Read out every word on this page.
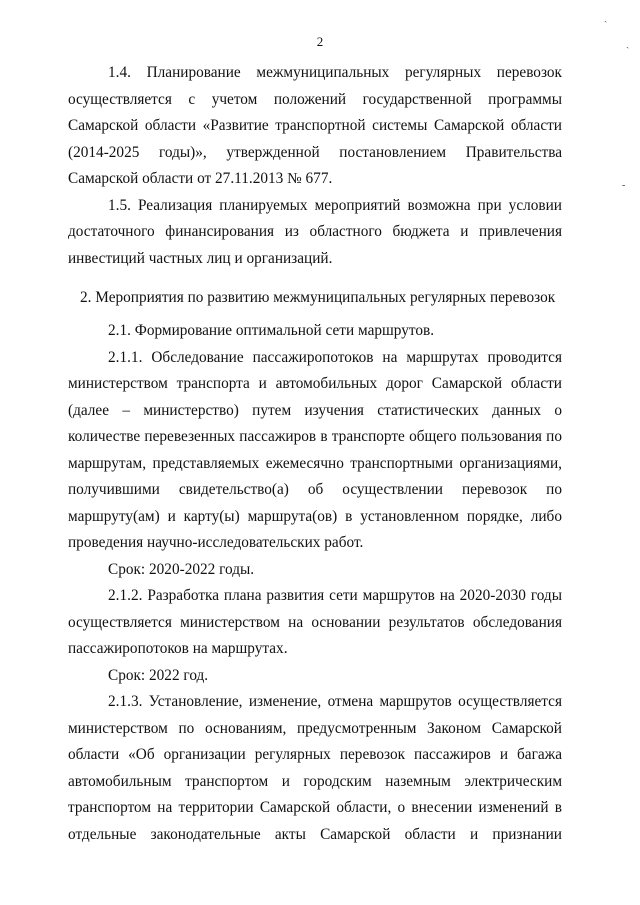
2
ˎ
ˎ
-

1.4. Планирование межмуниципальных регулярных перевозок осуществляется с учетом положений государственной программы Самарской области «Развитие транспортной системы Самарской области (2014-2025 годы)», утвержденной постановлением Правительства Самарской области от 27.11.2013 № 677.

1.5. Реализация планируемых мероприятий возможна при условии достаточного финансирования из областного бюджета и привлечения инвестиций частных лиц и организаций.

2. Мероприятия по развитию межмуниципальных регулярных перевозок

2.1. Формирование оптимальной сети маршрутов.

2.1.1. Обследование пассажиропотоков на маршрутах проводится министерством транспорта и автомобильных дорог Самарской области (далее – министерство) путем изучения статистических данных о количестве перевезенных пассажиров в транспорте общего пользования по маршрутам, представляемых ежемесячно транспортными организациями, получившими свидетельство(а) об осуществлении перевозок по маршруту(ам) и карту(ы) маршрута(ов) в установленном порядке, либо проведения научно-исследовательских работ.

Срок: 2020-2022 годы.

2.1.2. Разработка плана развития сети маршрутов на 2020-2030 годы осуществляется министерством на основании результатов обследования пассажиропотоков на маршрутах.

Срок: 2022 год.

2.1.3. Установление, изменение, отмена маршрутов осуществляется министерством по основаниям, предусмотренным Законом Самарской области «Об организации регулярных перевозок пассажиров и багажа автомобильным транспортом и городским наземным электрическим транспортом на территории Самарской области, о внесении изменений в отдельные законодательные акты Самарской области и признании
